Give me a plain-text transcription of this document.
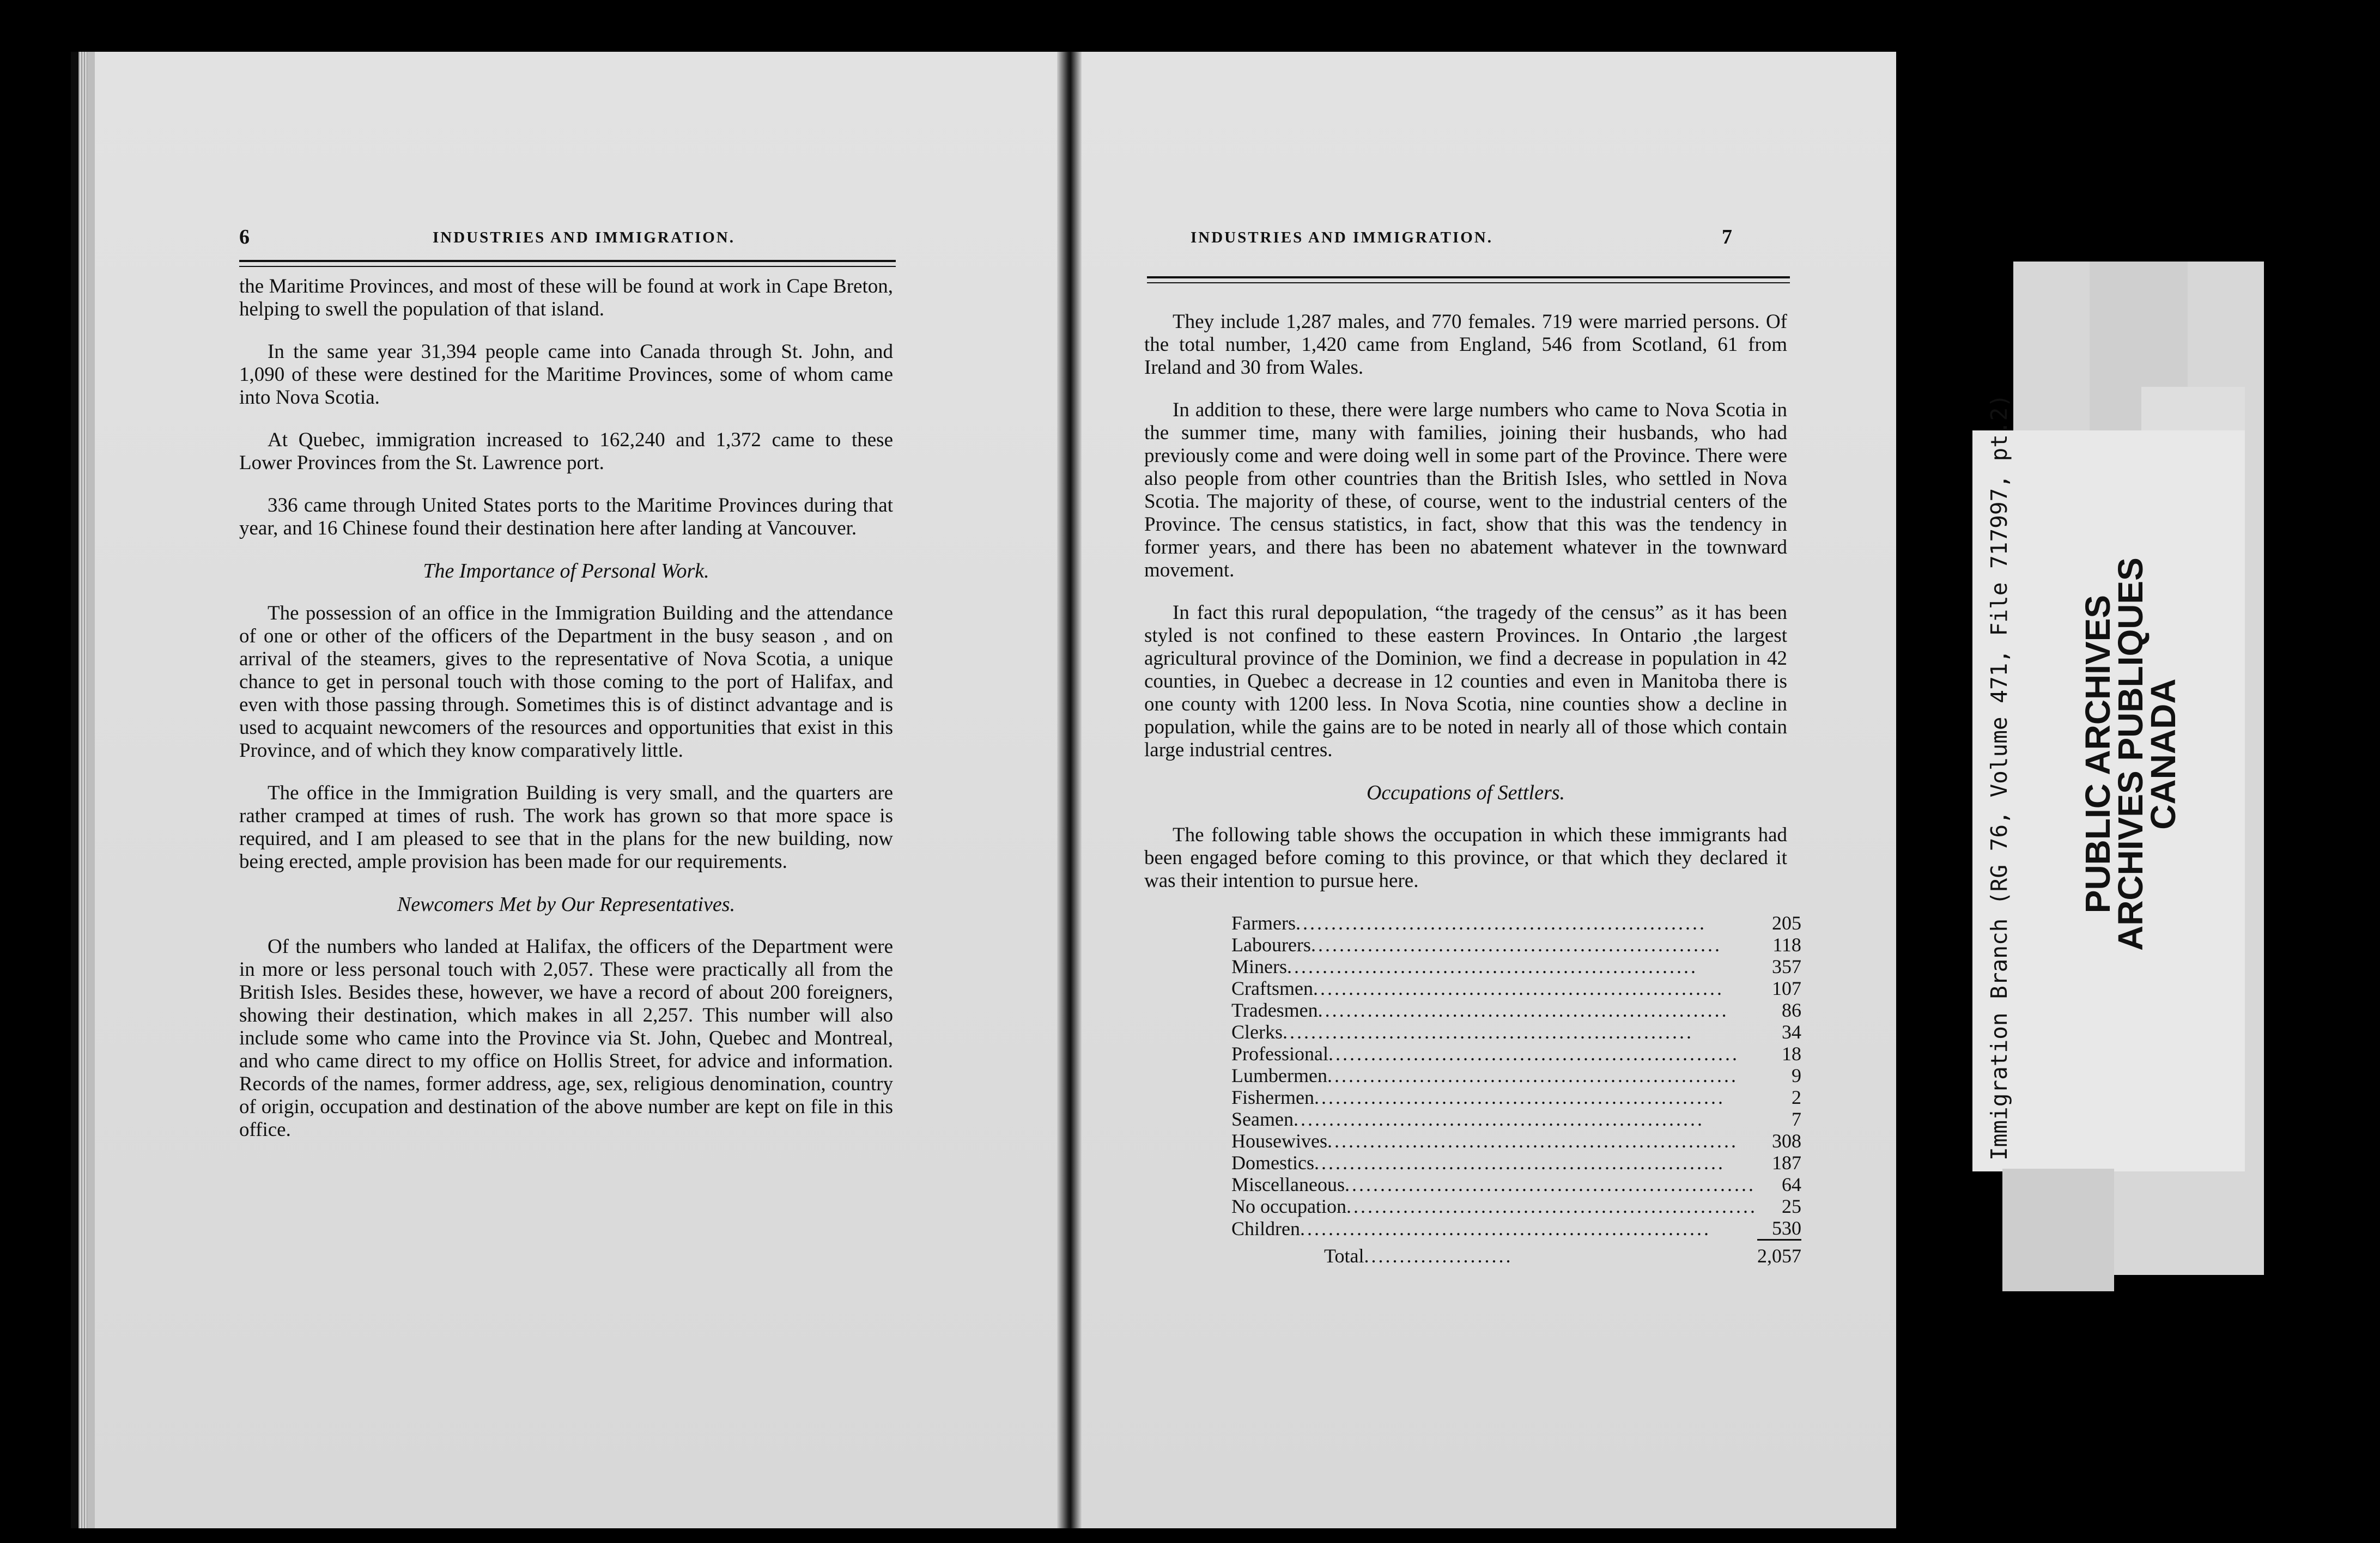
6	INDUSTRIES AND IMMIGRATION.

the Maritime Provinces, and most of these will be found at work in Cape Breton, helping to swell the population of that island.

In the same year 31,394 people came into Canada through St. John, and 1,090 of these were destined for the Maritime Provinces, some of whom came into Nova Scotia.

At Quebec, immigration increased to 162,240 and 1,372 came to these Lower Provinces from the St. Lawrence port.

336 came through United States ports to the Maritime Provinces during that year, and 16 Chinese found their destination here after landing at Vancouver.

The Importance of Personal Work.

The possession of an office in the Immigration Building and the attendance of one or other of the officers of the Department in the busy season , and on arrival of the steamers, gives to the representative of Nova Scotia, a unique chance to get in personal touch with those coming to the port of Halifax, and even with those passing through. Sometimes this is of distinct advantage and is used to acquaint newcomers of the resources and opportunities that exist in this Province, and of which they know comparatively little.

The office in the Immigration Building is very small, and the quarters are rather cramped at times of rush. The work has grown so that more space is required, and I am pleased to see that in the plans for the new building, now being erected, ample provision has been made for our requirements.

Newcomers Met by Our Representatives.

Of the numbers who landed at Halifax, the officers of the Department were in more or less personal touch with 2,057. These were practically all from the British Isles. Besides these, however, we have a record of about 200 foreigners, showing their destination, which makes in all 2,257. This number will also include some who came into the Province via St. John, Quebec and Montreal, and who came direct to my office on Hollis Street, for advice and information. Records of the names, former address, age, sex, religious denomination, country of origin, occupation and destination of the above number are kept on file in this office.

INDUSTRIES AND IMMIGRATION.	7

They include 1,287 males, and 770 females. 719 were married persons. Of the total number, 1,420 came from England, 546 from Scotland, 61 from Ireland and 30 from Wales.

In addition to these, there were large numbers who came to Nova Scotia in the summer time, many with families, joining their husbands, who had previously come and were doing well in some part of the Province. There were also people from other countries than the British Isles, who settled in Nova Scotia. The majority of these, of course, went to the industrial centers of the Province. The census statistics, in fact, show that this was the tendency in former years, and there has been no abatement whatever in the townward movement.

In fact this rural depopulation, “the tragedy of the census” as it has been styled is not confined to these eastern Provinces. In Ontario ,the largest agricultural province of the Dominion, we find a decrease in population in 42 counties, in Quebec a decrease in 12 counties and even in Manitoba there is one county with 1200 less. In Nova Scotia, nine counties show a decline in population, while the gains are to be noted in nearly all of those which contain large industrial centres.

Occupations of Settlers.

The following table shows the occupation in which these immigrants had been engaged before coming to this province, or that which they declared it was their intention to pursue here.

Farmers..........................................................	205
Labourers..........................................................	118
Miners..........................................................	357
Craftsmen..........................................................	107
Tradesmen..........................................................	86
Clerks..........................................................	34
Professional..........................................................	18
Lumbermen..........................................................	9
Fishermen..........................................................	2
Seamen..........................................................	7
Housewives..........................................................	308
Domestics..........................................................	187
Miscellaneous..........................................................	64
No occupation..........................................................	25
Children..........................................................	530

Total.....................	2,057
Immigration Branch (RG 76, Volume 471, File 717997, pt.2) PUBLIC ARCHIVES
ARCHIVES PUBLIQUES
CANADA
